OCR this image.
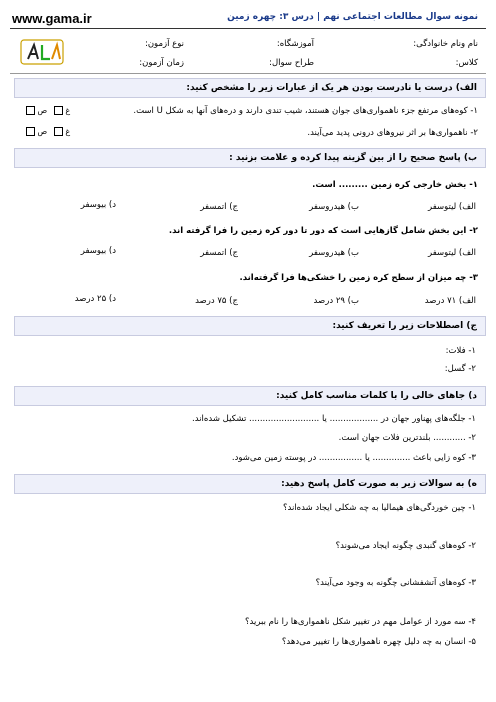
www.gama.ir	نمونه سوال مطالعات اجتماعی نهم | درس ۳: چهره زمین
نام ونام خانوادگی:
آموزشگاه:
نوع آزمون:
کلاس:
طراح سوال:
زمان آزمون:
الف) درست یا نادرست بودن هر یک از عبارات زیر را مشخص کنید:
۱- کوه‌های مرتفع جزء ناهمواری‌های جوان هستند، شیب تندی دارند و دره‌های آنها به شکل U است.
غ  ص
۲- ناهمواری‌ها بر اثر نیروهای درونی پدید می‌آیند.
غ  ص
ب) پاسخ صحیح را از بین گزینه پیدا کرده و علامت بزنید :
۱- بخش خارجی کره زمین ......... است.
الف) لیتوسفر
ب) هیدروسفر
ج) اتمسفر
د) بیوسفر
۲- این بخش شامل گازهایی است که دور تا دور کره زمین را فرا گرفته اند.
الف) لیتوسفر
ب) هیدروسفر
ج) اتمسفر
د) بیوسفر
۳- چه میزان از سطح کره زمین را خشکی‌ها فرا گرفته‌اند.
الف) ۷۱ درصد
ب) ۲۹ درصد
ج) ۷۵ درصد
د) ۲۵ درصد
ج) اصطلاحات زیر را تعریف کنید:
۱- فلات:
۲- گسل:
د) جاهای خالی را با کلمات مناسب کامل کنید:
۱- جلگه‌های پهناور جهان در .................. یا .......................... تشکیل شده‌اند.
۲- ............ بلندترین فلات جهان است.
۳- کوه زایی باعث .............. یا ................ در پوسته زمین می‌شود.
ه) به سوالات زیر به صورت کامل پاسخ دهید:
۱- چین خوردگی‌های هیمالیا به چه شکلی ایجاد شده‌اند؟
۲- کوه‌های گنبدی چگونه ایجاد می‌شوند؟
۳- کوه‌های آتشفشانی چگونه به وجود می‌آیند؟
۴- سه مورد از عوامل مهم در تغییر شکل ناهمواری‌ها را نام ببرید؟
۵- انسان به چه دلیل چهره ناهمواری‌ها را تغییر می‌دهد؟
